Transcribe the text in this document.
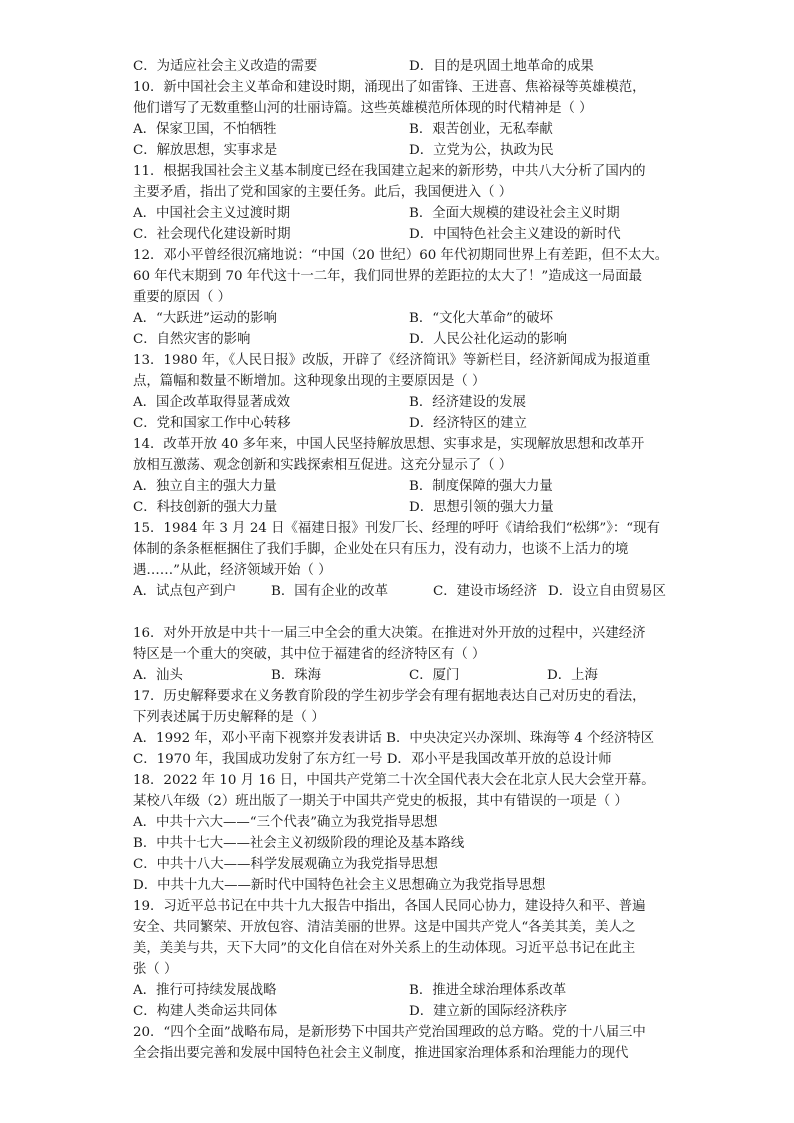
C．为适应社会主义改造的需要	D．目的是巩固土地革命的成果
10．新中国社会主义革命和建设时期，涌现出了如雷锋、王进喜、焦裕禄等英雄模范，
他们谱写了无数重整山河的壮丽诗篇。这些英雄模范所体现的时代精神是（ ）
A．保家卫国，不怕牺牲	B．艰苦创业，无私奉献
C．解放思想，实事求是	D．立党为公，执政为民
11．根据我国社会主义基本制度已经在我国建立起来的新形势，中共八大分析了国内的
主要矛盾，指出了党和国家的主要任务。此后，我国便进入（ ）
A．中国社会主义过渡时期	B．全面大规模的建设社会主义时期
C．社会现代化建设新时期	D．中国特色社会主义建设的新时代
12．邓小平曾经很沉痛地说：“中国（20 世纪）60 年代初期同世界上有差距，但不太大。
60 年代末期到 70 年代这十一二年，我们同世界的差距拉的太大了！”造成这一局面最
重要的原因（ ）
A．“大跃进”运动的影响	B．“文化大革命”的破坏
C．自然灾害的影响	D．人民公社化运动的影响
13．1980 年，《人民日报》改版，开辟了《经济简讯》等新栏目，经济新闻成为报道重
点，篇幅和数量不断增加。这种现象出现的主要原因是（ ）
A．国企改革取得显著成效	B．经济建设的发展
C．党和国家工作中心转移	D．经济特区的建立
14．改革开放 40 多年来，中国人民坚持解放思想、实事求是，实现解放思想和改革开
放相互激荡、观念创新和实践探索相互促进。这充分显示了（ ）
A．独立自主的强大力量	B．制度保障的强大力量
C．科技创新的强大力量	D．思想引领的强大力量
15．1984 年 3 月 24 日《福建日报》刊发厂长、经理的呼吁《请给我们“松绑”》：“现有
体制的条条框框捆住了我们手脚，企业处在只有压力，没有动力，也谈不上活力的境
遇……”从此，经济领域开始（ ）
A．试点包产到户	B．国有企业的改革	C．建设市场经济 D．设立自由贸易区
16．对外开放是中共十一届三中全会的重大决策。在推进对外开放的过程中，兴建经济
特区是一个重大的突破，其中位于福建省的经济特区有（ ）
A．汕头	B．珠海	C．厦门	D．上海
17．历史解释要求在义务教育阶段的学生初步学会有理有据地表达自己对历史的看法，
下列表述属于历史解释的是（ ）
A．1992 年，邓小平南下视察并发表讲话 B．中央决定兴办深圳、珠海等 4 个经济特区
C．1970 年，我国成功发射了东方红一号 D．邓小平是我国改革开放的总设计师
18．2022 年 10 月 16 日，中国共产党第二十次全国代表大会在北京人民大会堂开幕。
某校八年级（2）班出版了一期关于中国共产党史的板报，其中有错误的一项是（ ）
A．中共十六大——“三个代表”确立为我党指导思想
B．中共十七大——社会主义初级阶段的理论及基本路线
C．中共十八大——科学发展观确立为我党指导思想
D．中共十九大——新时代中国特色社会主义思想确立为我党指导思想
19．习近平总书记在中共十九大报告中指出，各国人民同心协力，建设持久和平、普遍
安全、共同繁荣、开放包容、清洁美丽的世界。这是中国共产党人“各美其美，美人之
美，美美与共，天下大同”的文化自信在对外关系上的生动体现。习近平总书记在此主
张（ ）
A．推行可持续发展战略	B．推进全球治理体系改革
C．构建人类命运共同体	D．建立新的国际经济秩序
20．“四个全面”战略布局，是新形势下中国共产党治国理政的总方略。党的十八届三中
全会指出要完善和发展中国特色社会主义制度，推进国家治理体系和治理能力的现代
